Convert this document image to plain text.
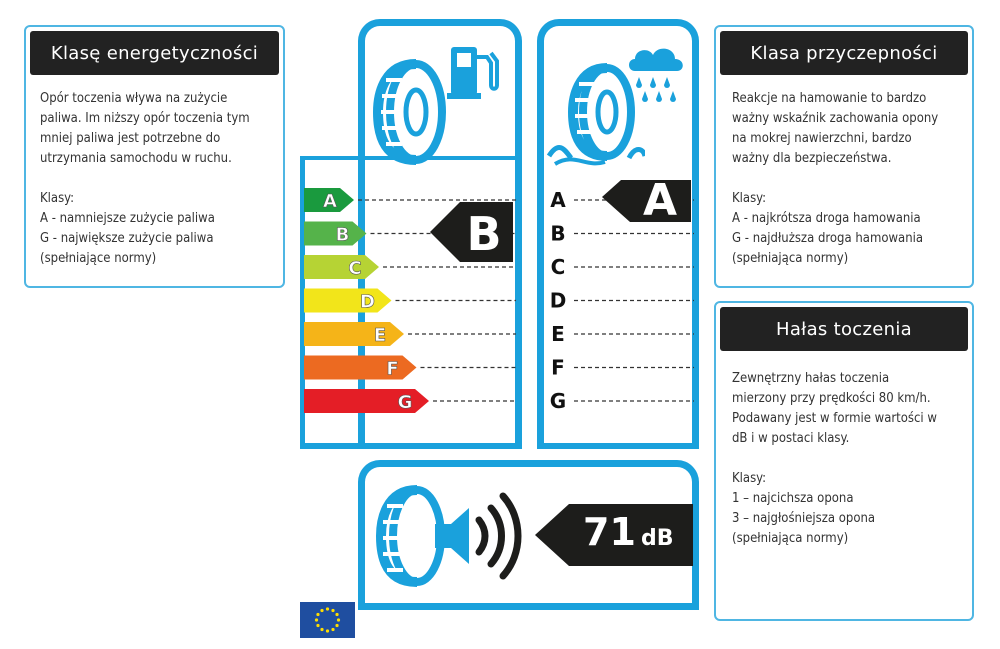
Klasę energetyczności
Opór toczenia wływa na zużycie
paliwa. Im niższy opór toczenia tym
mniej paliwa jest potrzebne do
utrzymania samochodu w ruchu.

Klasy:
A - namniejsze zużycie paliwa
G - największe zużycie paliwa
(spełniające normy)
Klasa przyczepności
Reakcje na hamowanie to bardzo
ważny wskaźnik zachowania opony
na mokrej nawierzchni, bardzo
ważny dla bezpieczeństwa.

Klasy:
A - najkrótsza droga hamowania
G - najdłuższa droga hamowania
(spełniająca normy)
Hałas toczenia
Zewnętrzny hałas toczenia
mierzony przy prędkości 80 km/h.
Podawany jest w formie wartości w
dB i w postaci klasy.

Klasy:
1 – najcichsza opona
3 – najgłośniejsza opona
(spełniająca normy)
A
B
C
D
E
F
G
B
A
B
C
D
E
F
G
A
71 dB
